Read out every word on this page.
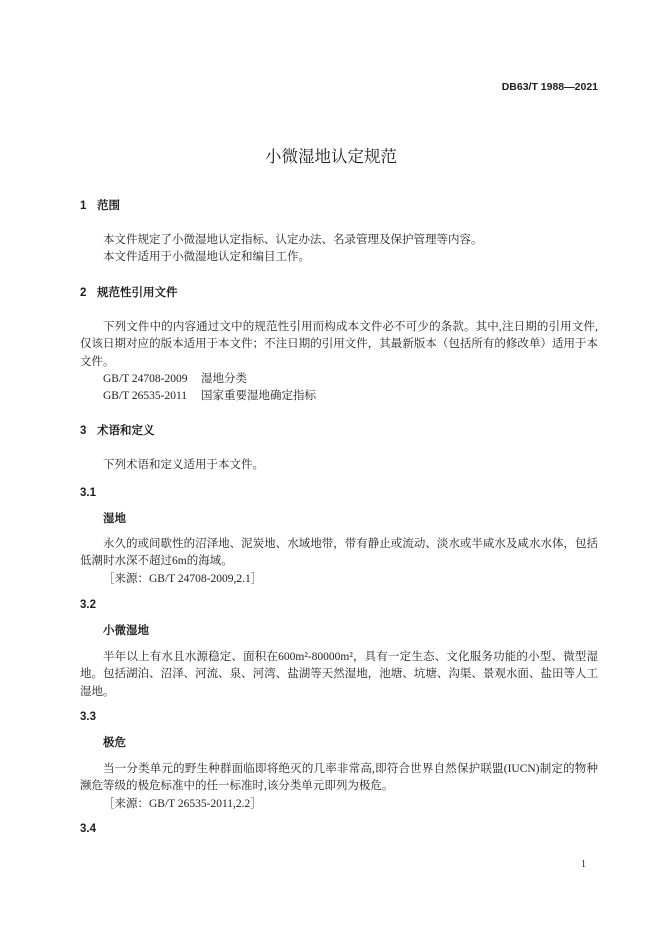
DB63/T 1988—2021
小微湿地认定规范
1 范围

本文件规定了小微湿地认定指标、认定办法、名录管理及保护管理等内容。

本文件适用于小微湿地认定和编目工作。

2 规范性引用文件

下列文件中的内容通过文中的规范性引用而构成本文件必不可少的条款。其中,注日期的引用文件,

仅该日期对应的版本适用于本文件；不注日期的引用文件，其最新版本（包括所有的修改单）适用于本

文件。

GB/T 24708-2009 湿地分类

GB/T 26535-2011 国家重要湿地确定指标

3 术语和定义

下列术语和定义适用于本文件。

3.1
湿地

永久的或间歇性的沼泽地、泥炭地、水域地带，带有静止或流动、淡水或半咸水及咸水水体，包括

低潮时水深不超过6m的海域。

［来源：GB/T 24708-2009,2.1］

3.2
小微湿地

半年以上有水且水源稳定、面积在600m²-80000m²，具有一定生态、文化服务功能的小型、微型湿

地。包括湖泊、沼泽、河流、泉、河湾、盐湖等天然湿地，池塘、坑塘、沟渠、景观水面、盐田等人工

湿地。

3.3
极危

当一分类单元的野生种群面临即将绝灭的几率非常高,即符合世界自然保护联盟(IUCN)制定的物种

濒危等级的极危标准中的任一标准时,该分类单元即列为极危。

［来源：GB/T 26535-2011,2.2］

3.4
1
